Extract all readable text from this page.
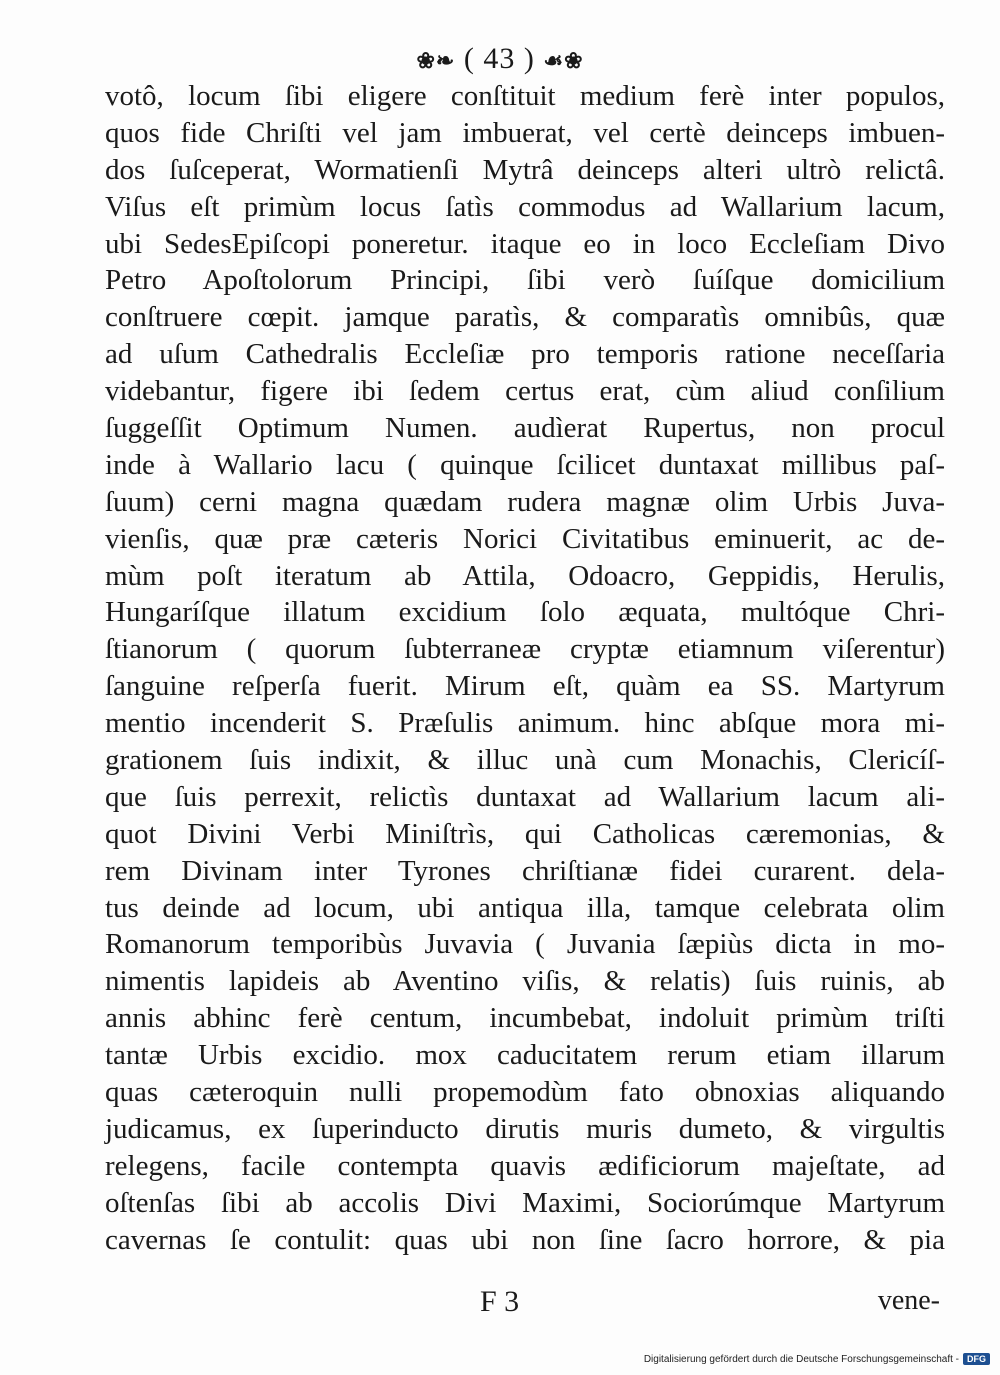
❀❧ ( 43 ) ☙❀
votô, locum ſibi eligere conſtituit medium ferè inter populos,
quos fide Chriſti vel jam imbuerat, vel certè deinceps imbuen-
dos ſuſceperat, Wormatienſi Mytrâ deinceps alteri ultrò relictâ.
Viſus eſt primùm locus ſatìs commodus ad Wallarium lacum,
ubi SedesEpiſcopi poneretur. itaque eo in loco Eccleſiam Divo
Petro Apoſtolorum Principi, ſibi verò ſuíſque domicilium
conſtruere cœpit. jamque paratìs, & comparatìs omnibûs, quæ
ad uſum Cathedralis Eccleſiæ pro temporis ratione neceſſaria
videbantur, figere ibi ſedem certus erat, cùm aliud conſilium
ſuggeſſit Optimum Numen. audìerat Rupertus, non procul
inde à Wallario lacu ( quinque ſcilicet duntaxat millibus paſ-
ſuum) cerni magna quædam rudera magnæ olim Urbis Juva-
vienſis, quæ præ cæteris Norici Civitatibus eminuerit, ac de-
mùm poſt iteratum ab Attila, Odoacro, Geppidis, Herulis,
Hungaríſque illatum excidium ſolo æquata, multóque Chri-
ſtianorum ( quorum ſubterraneæ cryptæ etiamnum viſerentur)
ſanguine reſperſa fuerit. Mirum eſt, quàm ea SS. Martyrum
mentio incenderit S. Præſulis animum. hinc abſque mora mi-
grationem ſuis indixit, & illuc unà cum Monachis, Clericíſ-
que ſuis perrexit, relictìs duntaxat ad Wallarium lacum ali-
quot Divini Verbi Miniſtrìs, qui Catholicas cæremonias, &
rem Divinam inter Tyrones chriſtianæ fidei curarent. dela-
tus deinde ad locum, ubi antiqua illa, tamque celebrata olim
Romanorum temporibùs Juvavia ( Juvania ſæpiùs dicta in mo-
nimentis lapideis ab Aventino viſis, & relatis) ſuis ruinis, ab
annis abhinc ferè centum, incumbebat, indoluit primùm triſti
tantæ Urbis excidio. mox caducitatem rerum etiam illarum
quas cæteroquin nulli propemodùm fato obnoxias aliquando
judicamus, ex ſuperinducto dirutis muris dumeto, & virgultis
relegens, facile contempta quavis ædificiorum majeſtate, ad
oſtenſas ſibi ab accolis Divi Maximi, Sociorúmque Martyrum
cavernas ſe contulit: quas ubi non ſine ſacro horrore, & pia
F 3	vene-
Digitalisierung gefördert durch die Deutsche Forschungsgemeinschaft - DFG
